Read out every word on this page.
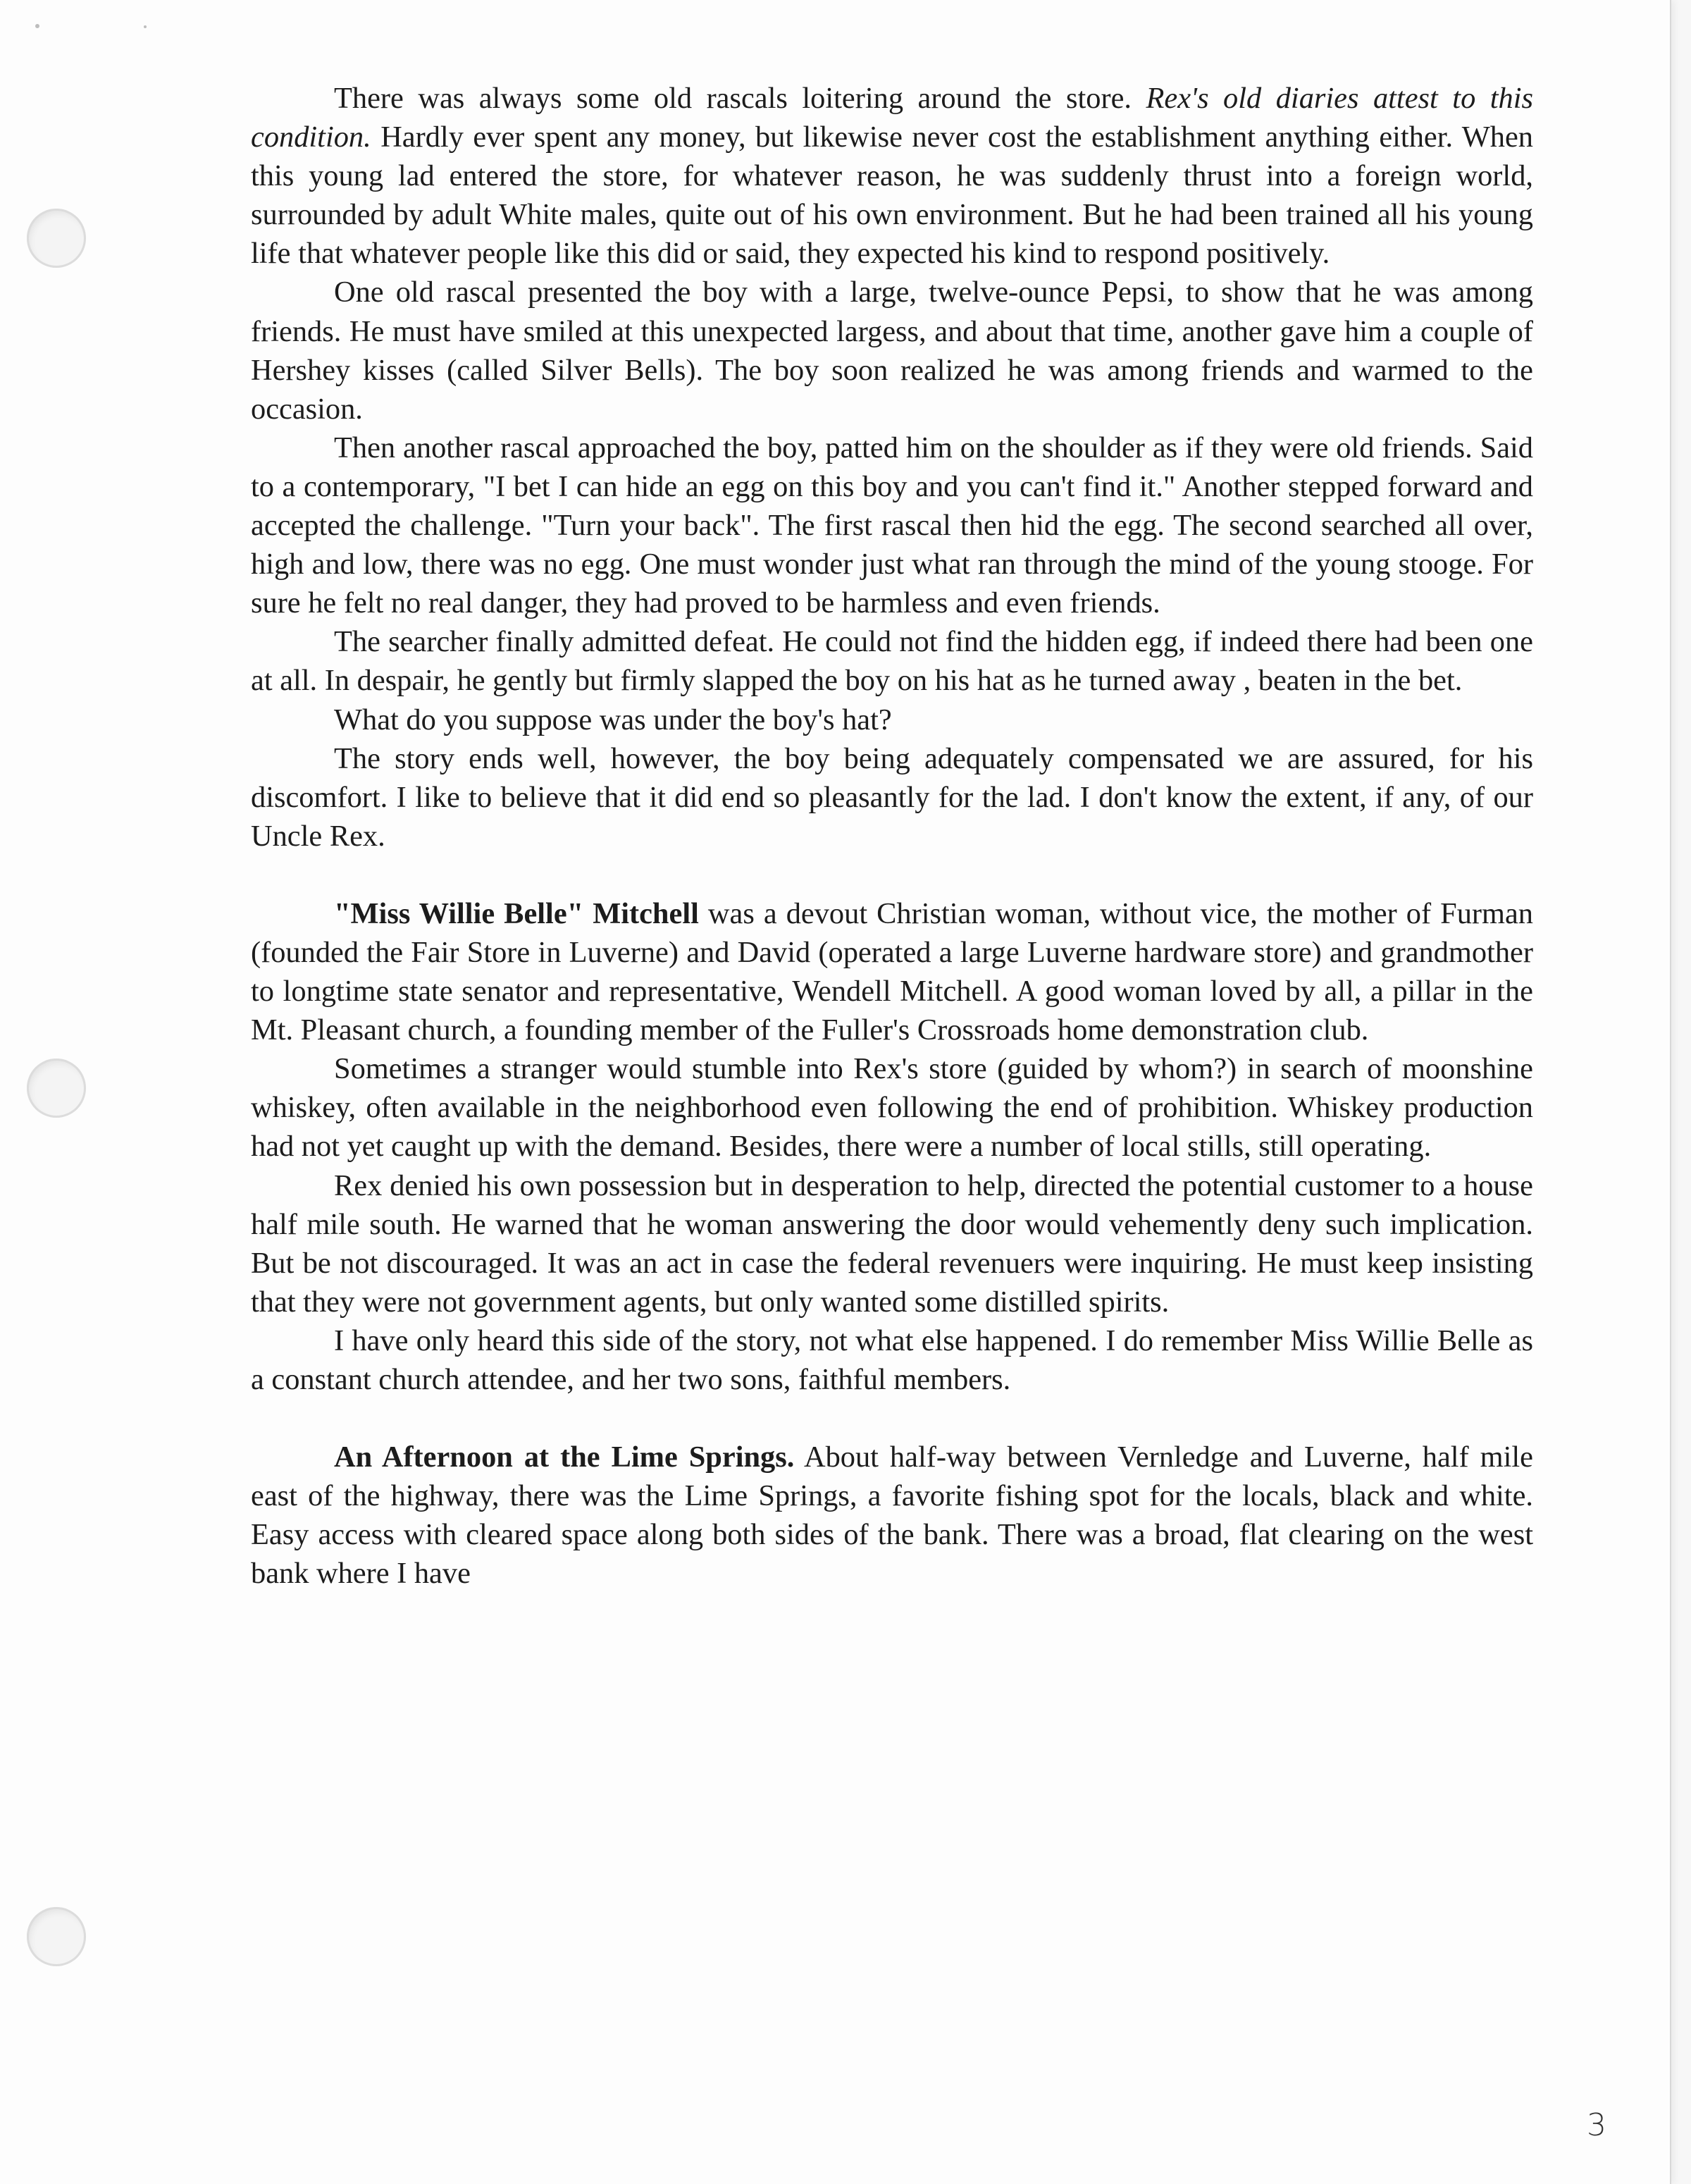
There was always some old rascals loitering around the store. Rex's old diaries attest to this condition. Hardly ever spent any money, but likewise never cost the establishment anything either. When this young lad entered the store, for whatever reason, he was suddenly thrust into a foreign world, surrounded by adult White males, quite out of his own environment. But he had been trained all his young life that whatever people like this did or said, they expected his kind to respond positively.

One old rascal presented the boy with a large, twelve-ounce Pepsi, to show that he was among friends. He must have smiled at this unexpected largess, and about that time, another gave him a couple of Hershey kisses (called Silver Bells). The boy soon realized he was among friends and warmed to the occasion.

Then another rascal approached the boy, patted him on the shoulder as if they were old friends. Said to a contemporary, "I bet I can hide an egg on this boy and you can't find it." Another stepped forward and accepted the challenge. "Turn your back". The first rascal then hid the egg. The second searched all over, high and low, there was no egg. One must wonder just what ran through the mind of the young stooge. For sure he felt no real danger, they had proved to be harmless and even friends.

The searcher finally admitted defeat. He could not find the hidden egg, if indeed there had been one at all. In despair, he gently but firmly slapped the boy on his hat as he turned away , beaten in the bet.

What do you suppose was under the boy's hat?

The story ends well, however, the boy being adequately compensated we are assured, for his discomfort. I like to believe that it did end so pleasantly for the lad. I don't know the extent, if any, of our Uncle Rex.

"Miss Willie Belle" Mitchell was a devout Christian woman, without vice, the mother of Furman (founded the Fair Store in Luverne) and David (operated a large Luverne hardware store) and grandmother to longtime state senator and representative, Wendell Mitchell. A good woman loved by all, a pillar in the Mt. Pleasant church, a founding member of the Fuller's Crossroads home demonstration club.

Sometimes a stranger would stumble into Rex's store (guided by whom?) in search of moonshine whiskey, often available in the neighborhood even following the end of prohibition. Whiskey production had not yet caught up with the demand. Besides, there were a number of local stills, still operating.

Rex denied his own possession but in desperation to help, directed the potential customer to a house half mile south. He warned that he woman answering the door would vehemently deny such implication. But be not discouraged. It was an act in case the federal revenuers were inquiring. He must keep insisting that they were not government agents, but only wanted some distilled spirits.

I have only heard this side of the story, not what else happened. I do remember Miss Willie Belle as a constant church attendee, and her two sons, faithful members.

An Afternoon at the Lime Springs. About half-way between Vernledge and Luverne, half mile east of the highway, there was the Lime Springs, a favorite fishing spot for the locals, black and white. Easy access with cleared space along both sides of the bank. There was a broad, flat clearing on the west bank where I have

3
